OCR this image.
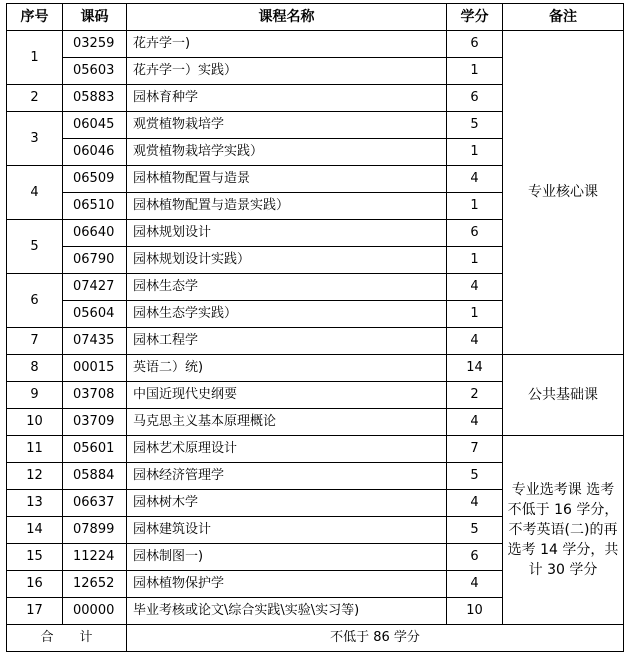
序号	课码	课程名称	学分	备注
1	03259	花卉学一)	6	专业核心课
	05603	花卉学一）实践）	1	
2	05883	园林育种学	6	
3	06045	观赏植物栽培学	5	
	06046	观赏植物栽培学实践）	1	
4	06509	园林植物配置与造景	4	
	06510	园林植物配置与造景实践）	1	
5	06640	园林规划设计	6	
	06790	园林规划设计实践）	1	
6	07427	园林生态学	4	
	05604	园林生态学实践）	1	
7	07435	园林工程学	4	
8	00015	英语二）统)	14	公共基础课
9	03708	中国近现代史纲要	2	
10	03709	马克思主义基本原理概论	4	
11	05601	园林艺术原理设计	7	专业选考课 选考不低于 16 学分，不考英语(二)的再选考 14 学分，共计 30 学分
12	05884	园林经济管理学	5	
13	06637	园林树木学	4	
14	07899	园林建筑设计	5	
15	11224	园林制图一)	6	
16	12652	园林植物保护学	4	
17	00000	毕业考核或论文\综合实践\实验\实习等)	10	
合　　计		不低于 86 学分		
